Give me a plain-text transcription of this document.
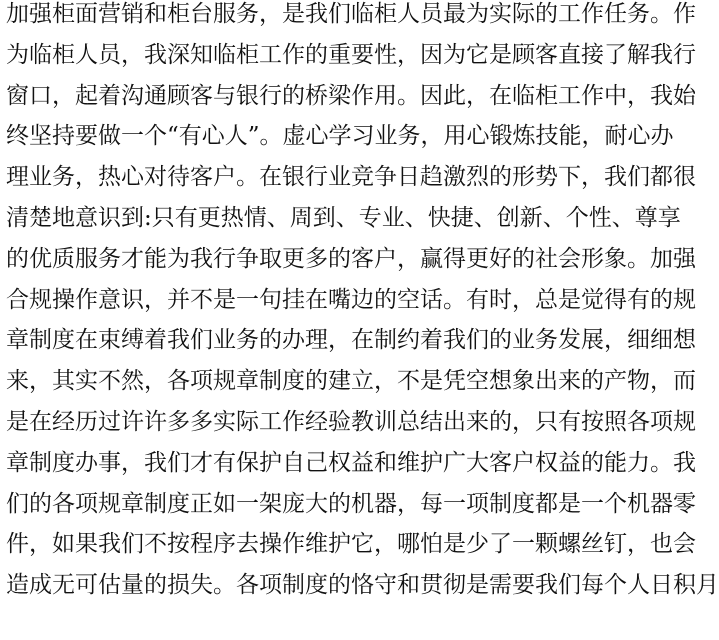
加强柜面营销和柜台服务，是我们临柜人员最为实际的工作任务。作
为临柜人员，我深知临柜工作的重要性，因为它是顾客直接了解我行
窗口，起着沟通顾客与银行的桥梁作用。因此，在临柜工作中，我始
终坚持要做一个“有心人”。虚心学习业务，用心锻炼技能，耐心办
理业务，热心对待客户。在银行业竞争日趋激烈的形势下，我们都很
清楚地意识到:只有更热情、周到、专业、快捷、创新、个性、尊享
的优质服务才能为我行争取更多的客户，赢得更好的社会形象。加强
合规操作意识，并不是一句挂在嘴边的空话。有时，总是觉得有的规
章制度在束缚着我们业务的办理，在制约着我们的业务发展，细细想
来，其实不然，各项规章制度的建立，不是凭空想象出来的产物，而
是在经历过许许多多实际工作经验教训总结出来的，只有按照各项规
章制度办事，我们才有保护自己权益和维护广大客户权益的能力。我
们的各项规章制度正如一架庞大的机器，每一项制度都是一个机器零
件，如果我们不按程序去操作维护它，哪怕是少了一颗螺丝钉，也会
造成无可估量的损失。各项制度的恪守和贯彻是需要我们每个人日积月
